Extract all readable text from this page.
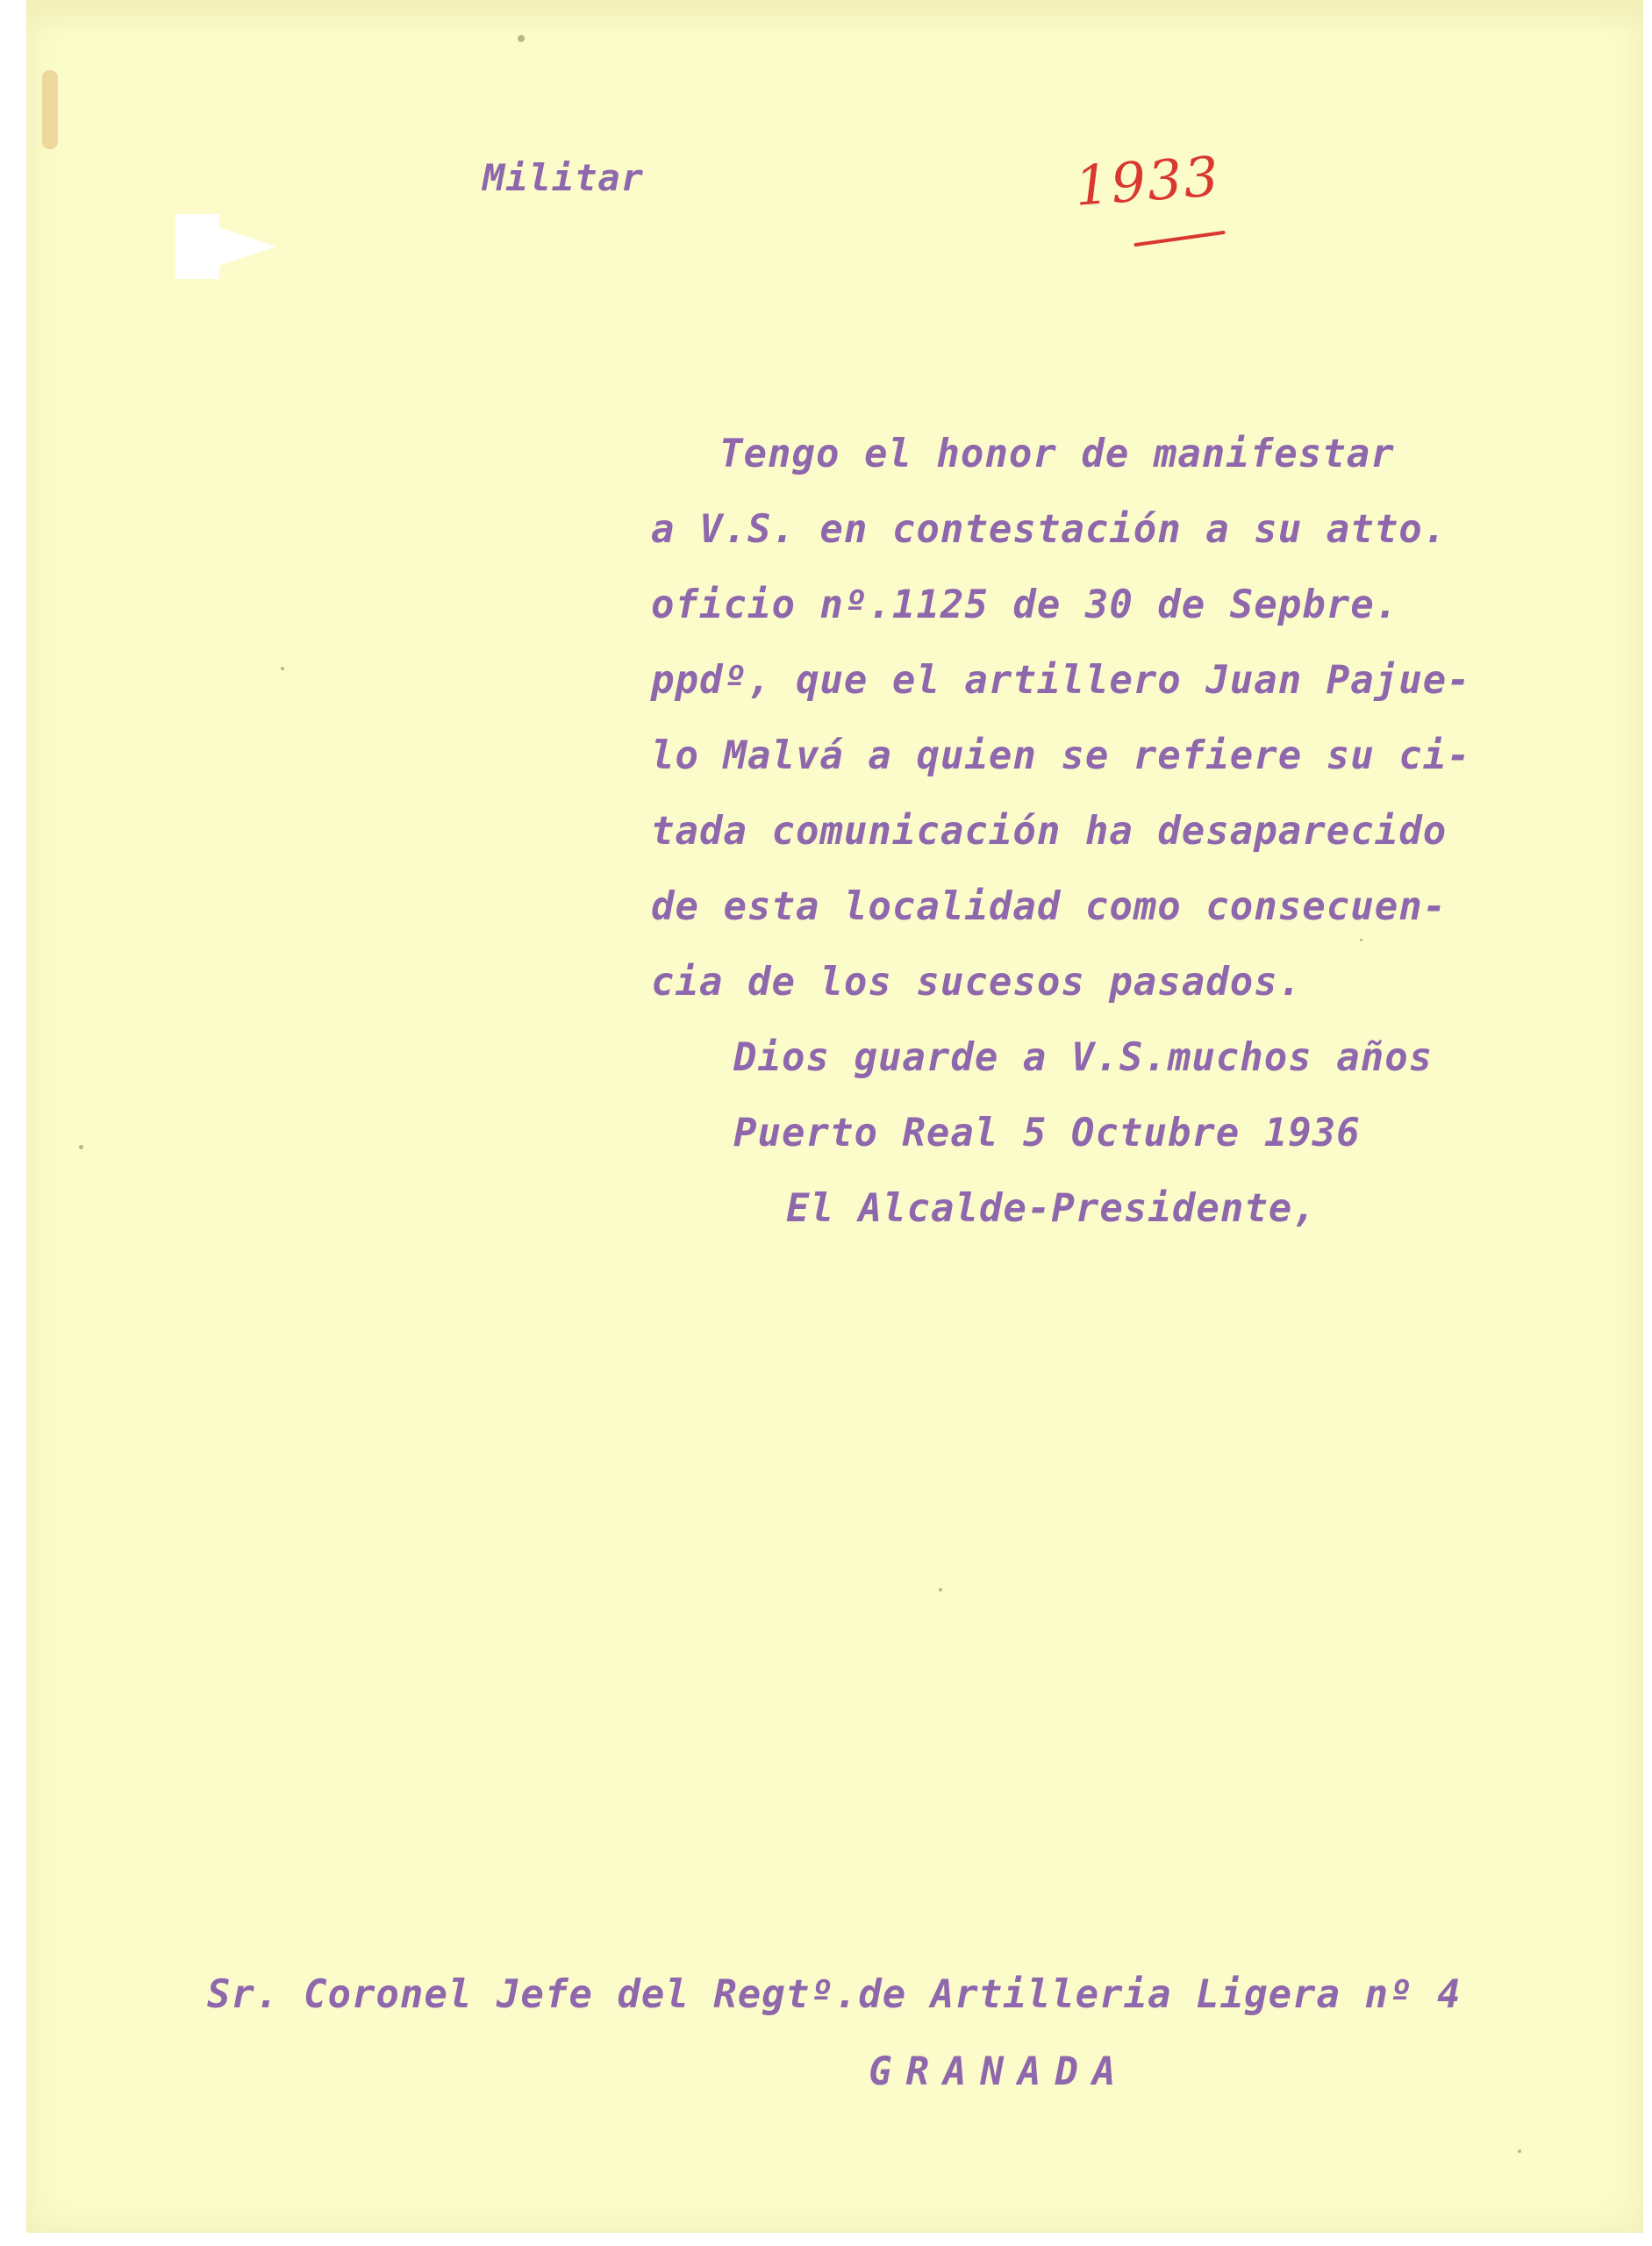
Militar	1933
Tengo el honor de manifestar
a V.S. en contestación a su atto.
oficio nº.1125 de 30 de Sepbre.
ppdº, que el artillero Juan Pajue-
lo Malvá a quien se refiere su ci-
tada comunicación ha desaparecido
de esta localidad como consecuen-
cia de los sucesos pasados.
Dios guarde a V.S.muchos años
Puerto Real 5 Octubre 1936
El Alcalde-Presidente,
Sr. Coronel Jefe del Regtº.de Artilleria Ligera nº 4
GRANADA
